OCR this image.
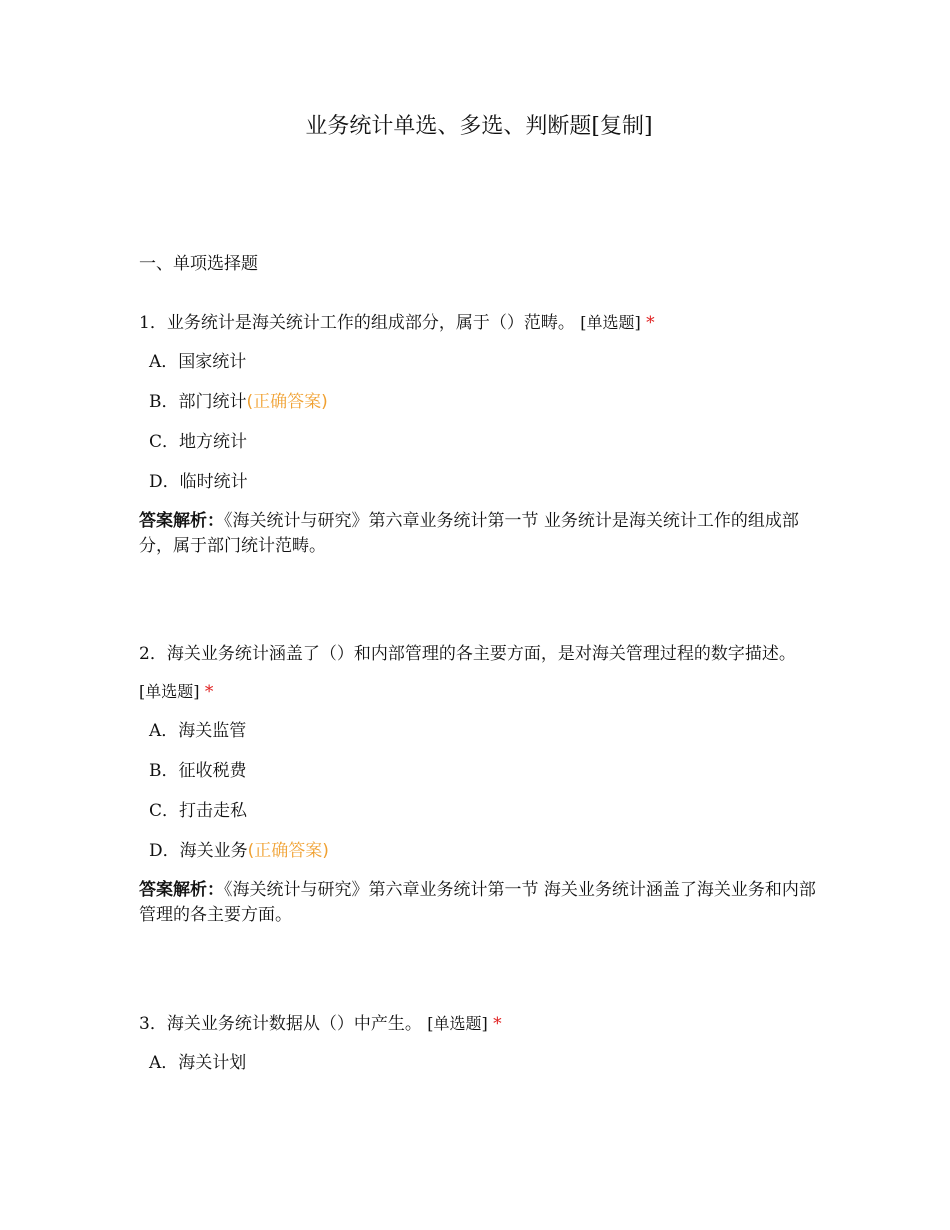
业务统计单选、多选、判断题[复制]
一、单项选择题

1．业务统计是海关统计工作的组成部分，属于（）范畴。 [单选题] *

A．国家统计
B．部门统计(正确答案)
C．地方统计
D．临时统计

答案解析：《海关统计与研究》第六章业务统计第一节 业务统计是海关统计工作的组成部分，属于部门统计范畴。

2．海关业务统计涵盖了（）和内部管理的各主要方面，是对海关管理过程的数字描述。 [单选题] *

A．海关监管
B．征收税费
C．打击走私
D．海关业务(正确答案)

答案解析：《海关统计与研究》第六章业务统计第一节 海关业务统计涵盖了海关业务和内部管理的各主要方面。

3．海关业务统计数据从（）中产生。 [单选题] *

A．海关计划
